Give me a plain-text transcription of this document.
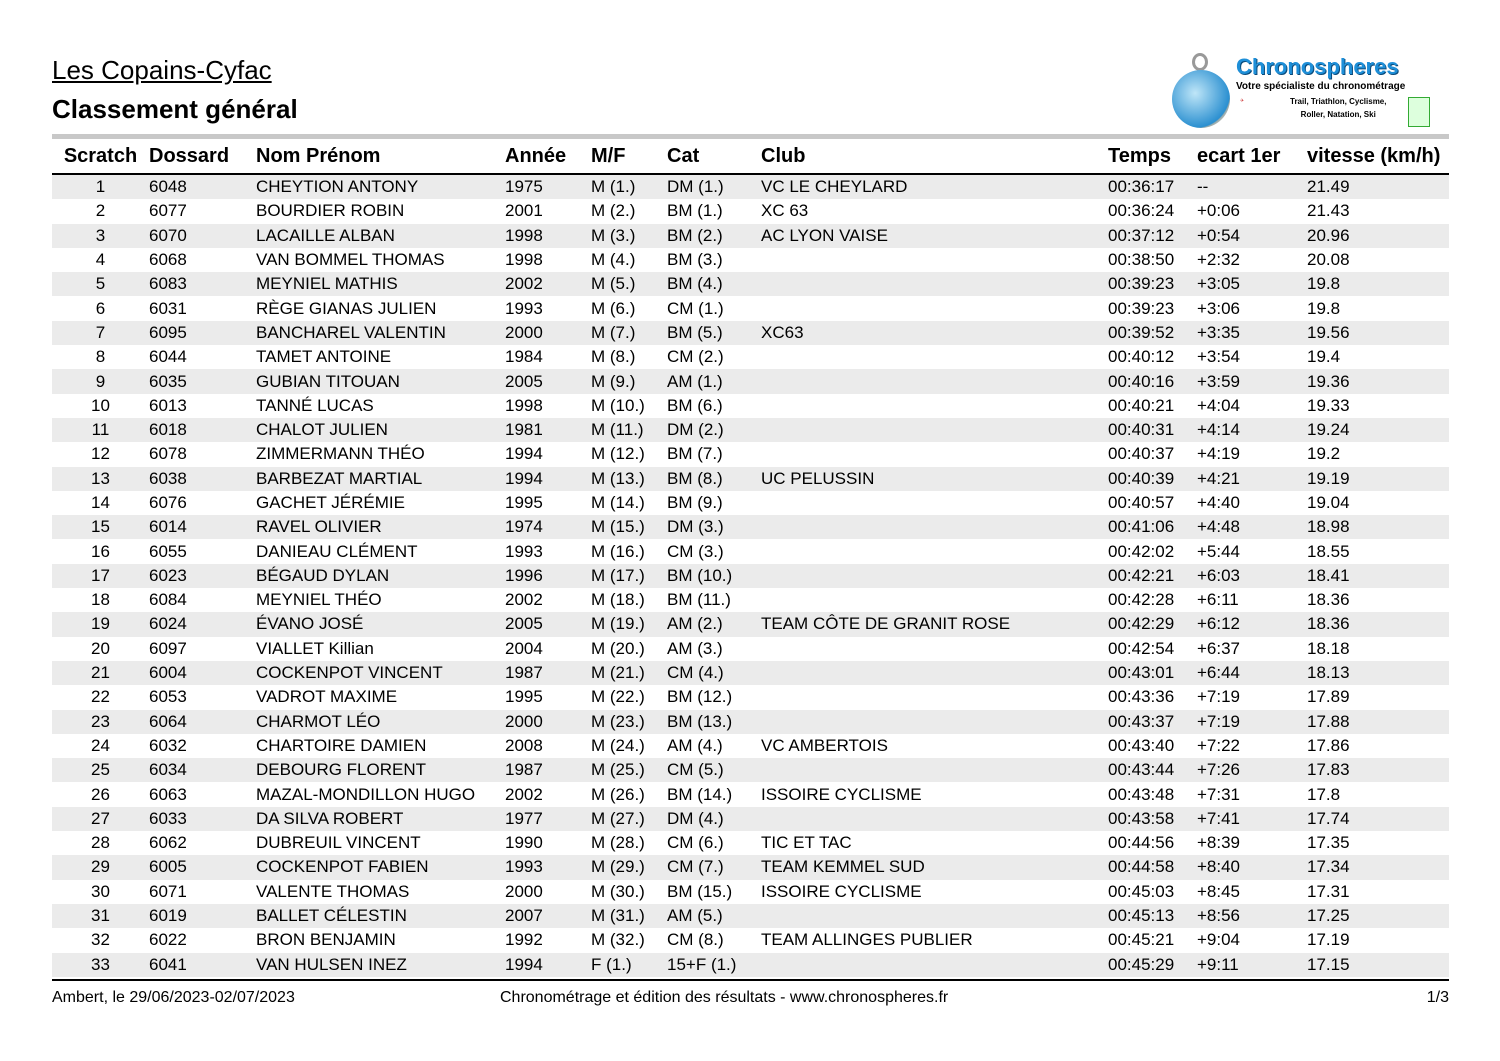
Les Copains-Cyfac
Classement général
Chronospheres
Votre spécialiste du chronométrage
✈	Trail, Triathlon, Cyclisme,
Roller, Natation, Ski
Scratch	Dossard	Nom Prénom	Année	M/F	Cat	Club	Temps	ecart 1er	vitesse (km/h)
1	6048	CHEYTION ANTONY	1975	M (1.)	DM (1.)	VC LE CHEYLARD	00:36:17	--	21.49
2	6077	BOURDIER ROBIN	2001	M (2.)	BM (1.)	XC 63	00:36:24	+0:06	21.43
3	6070	LACAILLE ALBAN	1998	M (3.)	BM (2.)	AC LYON VAISE	00:37:12	+0:54	20.96
4	6068	VAN BOMMEL THOMAS	1998	M (4.)	BM (3.)		00:38:50	+2:32	20.08
5	6083	MEYNIEL MATHIS	2002	M (5.)	BM (4.)		00:39:23	+3:05	19.8
6	6031	RÈGE GIANAS JULIEN	1993	M (6.)	CM (1.)		00:39:23	+3:06	19.8
7	6095	BANCHAREL VALENTIN	2000	M (7.)	BM (5.)	XC63	00:39:52	+3:35	19.56
8	6044	TAMET ANTOINE	1984	M (8.)	CM (2.)		00:40:12	+3:54	19.4
9	6035	GUBIAN TITOUAN	2005	M (9.)	AM (1.)		00:40:16	+3:59	19.36
10	6013	TANNÉ LUCAS	1998	M (10.)	BM (6.)		00:40:21	+4:04	19.33
11	6018	CHALOT JULIEN	1981	M (11.)	DM (2.)		00:40:31	+4:14	19.24
12	6078	ZIMMERMANN THÉO	1994	M (12.)	BM (7.)		00:40:37	+4:19	19.2
13	6038	BARBEZAT MARTIAL	1994	M (13.)	BM (8.)	UC PELUSSIN	00:40:39	+4:21	19.19
14	6076	GACHET JÉRÉMIE	1995	M (14.)	BM (9.)		00:40:57	+4:40	19.04
15	6014	RAVEL OLIVIER	1974	M (15.)	DM (3.)		00:41:06	+4:48	18.98
16	6055	DANIEAU CLÉMENT	1993	M (16.)	CM (3.)		00:42:02	+5:44	18.55
17	6023	BÉGAUD DYLAN	1996	M (17.)	BM (10.)		00:42:21	+6:03	18.41
18	6084	MEYNIEL THÉO	2002	M (18.)	BM (11.)		00:42:28	+6:11	18.36
19	6024	ÉVANO JOSÉ	2005	M (19.)	AM (2.)	TEAM CÔTE DE GRANIT ROSE	00:42:29	+6:12	18.36
20	6097	VIALLET Killian	2004	M (20.)	AM (3.)		00:42:54	+6:37	18.18
21	6004	COCKENPOT VINCENT	1987	M (21.)	CM (4.)		00:43:01	+6:44	18.13
22	6053	VADROT MAXIME	1995	M (22.)	BM (12.)		00:43:36	+7:19	17.89
23	6064	CHARMOT LÉO	2000	M (23.)	BM (13.)		00:43:37	+7:19	17.88
24	6032	CHARTOIRE DAMIEN	2008	M (24.)	AM (4.)	VC AMBERTOIS	00:43:40	+7:22	17.86
25	6034	DEBOURG FLORENT	1987	M (25.)	CM (5.)		00:43:44	+7:26	17.83
26	6063	MAZAL-MONDILLON HUGO	2002	M (26.)	BM (14.)	ISSOIRE CYCLISME	00:43:48	+7:31	17.8
27	6033	DA SILVA ROBERT	1977	M (27.)	DM (4.)		00:43:58	+7:41	17.74
28	6062	DUBREUIL VINCENT	1990	M (28.)	CM (6.)	TIC ET TAC	00:44:56	+8:39	17.35
29	6005	COCKENPOT FABIEN	1993	M (29.)	CM (7.)	TEAM KEMMEL SUD	00:44:58	+8:40	17.34
30	6071	VALENTE THOMAS	2000	M (30.)	BM (15.)	ISSOIRE CYCLISME	00:45:03	+8:45	17.31
31	6019	BALLET CÉLESTIN	2007	M (31.)	AM (5.)		00:45:13	+8:56	17.25
32	6022	BRON BENJAMIN	1992	M (32.)	CM (8.)	TEAM ALLINGES PUBLIER	00:45:21	+9:04	17.19
33	6041	VAN HULSEN INEZ	1994	F (1.)	15+F (1.)		00:45:29	+9:11	17.15
Ambert, le 29/06/2023-02/07/2023	Chronométrage et édition des résultats - www.chronospheres.fr	1/3
